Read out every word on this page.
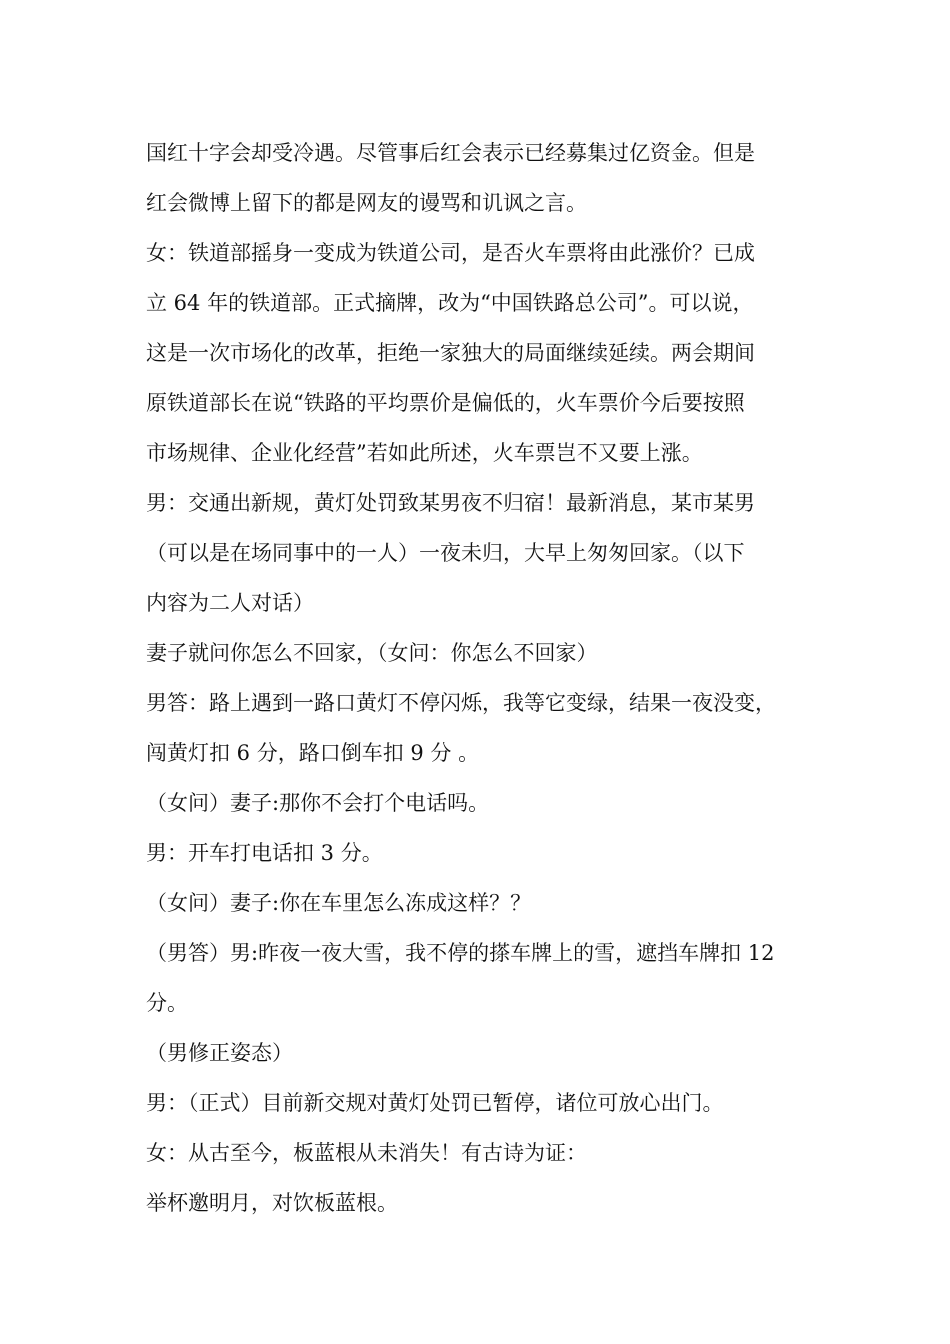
国红十字会却受冷遇。尽管事后红会表示已经募集过亿资金。但是
红会微博上留下的都是网友的谩骂和讥讽之言。
女：铁道部摇身一变成为铁道公司，是否火车票将由此涨价？已成
立 64 年的铁道部。正式摘牌，改为“中国铁路总公司”。可以说，
这是一次市场化的改革，拒绝一家独大的局面继续延续。两会期间
原铁道部长在说“铁路的平均票价是偏低的，火车票价今后要按照
市场规律、企业化经营”若如此所述，火车票岂不又要上涨。
男：交通出新规，黄灯处罚致某男夜不归宿！最新消息，某市某男
（可以是在场同事中的一人）一夜未归，大早上匆匆回家。（以下
内容为二人对话）
妻子就问你怎么不回家，（女问：你怎么不回家）
男答：路上遇到一路口黄灯不停闪烁，我等它变绿，结果一夜没变，
闯黄灯扣 6 分，路口倒车扣 9 分 。
（女问）妻子:那你不会打个电话吗。
男：开车打电话扣 3 分。
（女问）妻子:你在车里怎么冻成这样？？
（男答）男:昨夜一夜大雪，我不停的搽车牌上的雪，遮挡车牌扣 12
分。
（男修正姿态）
男：（正式）目前新交规对黄灯处罚已暂停，诸位可放心出门。
女：从古至今，板蓝根从未消失！有古诗为证：
举杯邀明月，对饮板蓝根。
